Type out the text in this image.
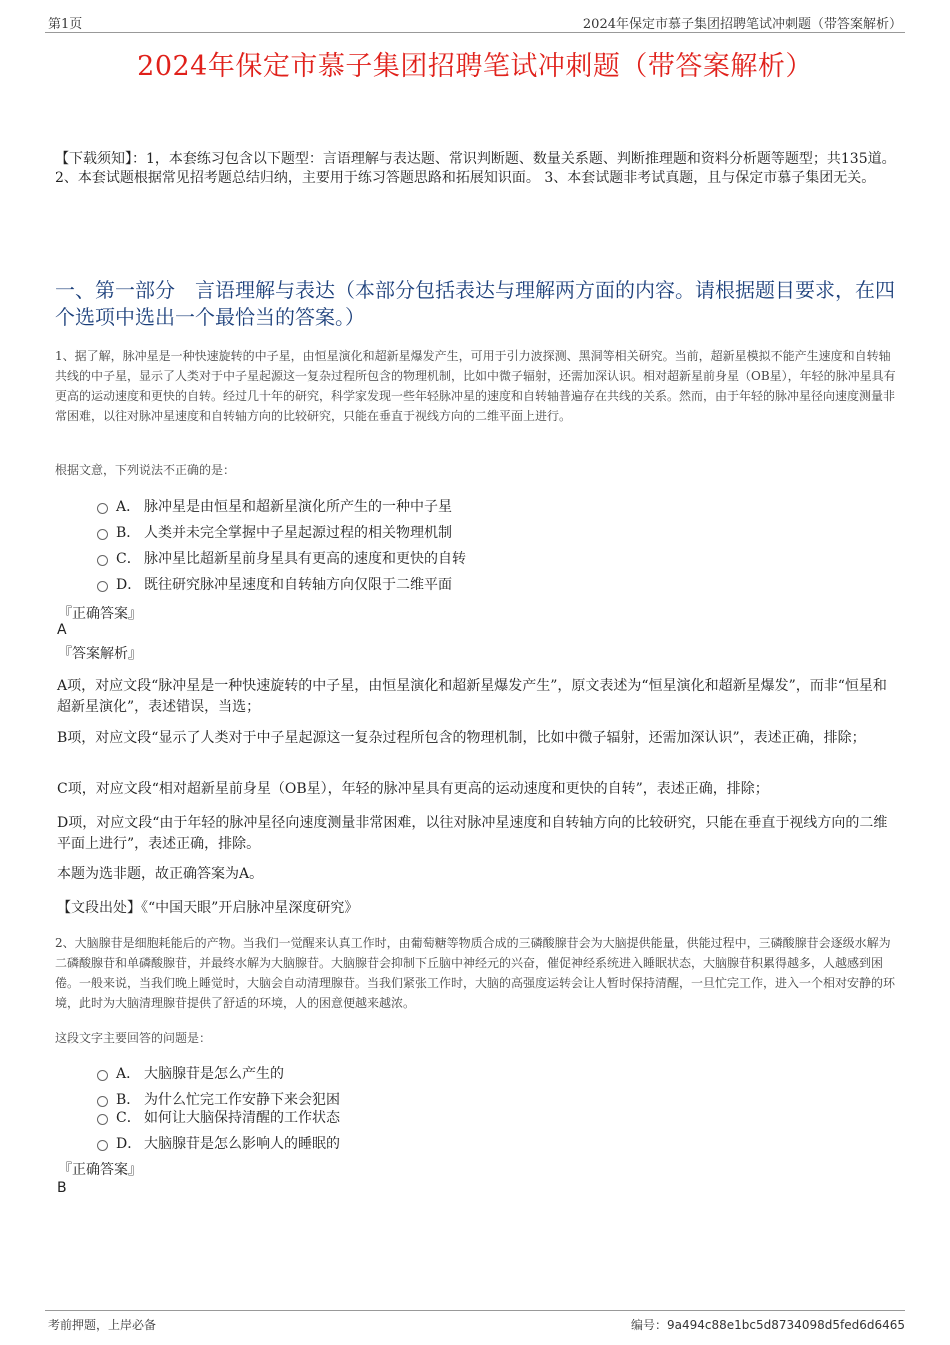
第1页	2024年保定市慕子集团招聘笔试冲刺题（带答案解析）
2024年保定市慕子集团招聘笔试冲刺题（带答案解析）
【下载须知】：1，本套练习包含以下题型：言语理解与表达题、常识判断题、数量关系题、判断推理题和资料分析题等题型；共135道。 2、本套试题根据常见招考题总结归纳，主要用于练习答题思路和拓展知识面。 3、本套试题非考试真题，且与保定市慕子集团无关。
一、第一部分　言语理解与表达（本部分包括表达与理解两方面的内容。请根据题目要求，在四个选项中选出一个最恰当的答案。）
1、据了解，脉冲星是一种快速旋转的中子星，由恒星演化和超新星爆发产生，可用于引力波探测、黑洞等相关研究。当前，超新星模拟不能产生速度和自转轴共线的中子星，显示了人类对于中子星起源这一复杂过程所包含的物理机制，比如中微子辐射，还需加深认识。相对超新星前身星（OB星），年轻的脉冲星具有更高的运动速度和更快的自转。经过几十年的研究，科学家发现一些年轻脉冲星的速度和自转轴普遍存在共线的关系。然而，由于年轻的脉冲星径向速度测量非常困难，以往对脉冲星速度和自转轴方向的比较研究，只能在垂直于视线方向的二维平面上进行。
根据文意，下列说法不正确的是：
A． 脉冲星是由恒星和超新星演化所产生的一种中子星
B． 人类并未完全掌握中子星起源过程的相关物理机制
C． 脉冲星比超新星前身星具有更高的速度和更快的自转
D． 既往研究脉冲星速度和自转轴方向仅限于二维平面
『正确答案』
A
『答案解析』
A项，对应文段“脉冲星是一种快速旋转的中子星，由恒星演化和超新星爆发产生”，原文表述为“恒星演化和超新星爆发”，而非“恒星和超新星演化”，表述错误，当选；
B项，对应文段“显示了人类对于中子星起源这一复杂过程所包含的物理机制，比如中微子辐射，还需加深认识”，表述正确，排除；
C项，对应文段“相对超新星前身星（OB星），年轻的脉冲星具有更高的运动速度和更快的自转”，表述正确，排除；
D项，对应文段“由于年轻的脉冲星径向速度测量非常困难，以往对脉冲星速度和自转轴方向的比较研究，只能在垂直于视线方向的二维平面上进行”，表述正确，排除。
本题为选非题，故正确答案为A。
【文段出处】《“中国天眼”开启脉冲星深度研究》
2、大脑腺苷是细胞耗能后的产物。当我们一觉醒来认真工作时，由葡萄糖等物质合成的三磷酸腺苷会为大脑提供能量，供能过程中，三磷酸腺苷会逐级水解为二磷酸腺苷和单磷酸腺苷，并最终水解为大脑腺苷。大脑腺苷会抑制下丘脑中神经元的兴奋，催促神经系统进入睡眠状态，大脑腺苷积累得越多，人越感到困倦。一般来说，当我们晚上睡觉时，大脑会自动清理腺苷。当我们紧张工作时，大脑的高强度运转会让人暂时保持清醒，一旦忙完工作，进入一个相对安静的环境，此时为大脑清理腺苷提供了舒适的环境，人的困意便越来越浓。
这段文字主要回答的问题是：
A． 大脑腺苷是怎么产生的
B． 为什么忙完工作安静下来会犯困
C． 如何让大脑保持清醒的工作状态
D． 大脑腺苷是怎么影响人的睡眠的
『正确答案』
B
考前押题，上岸必备	编号：9a494c88e1bc5d8734098d5fed6d6465
